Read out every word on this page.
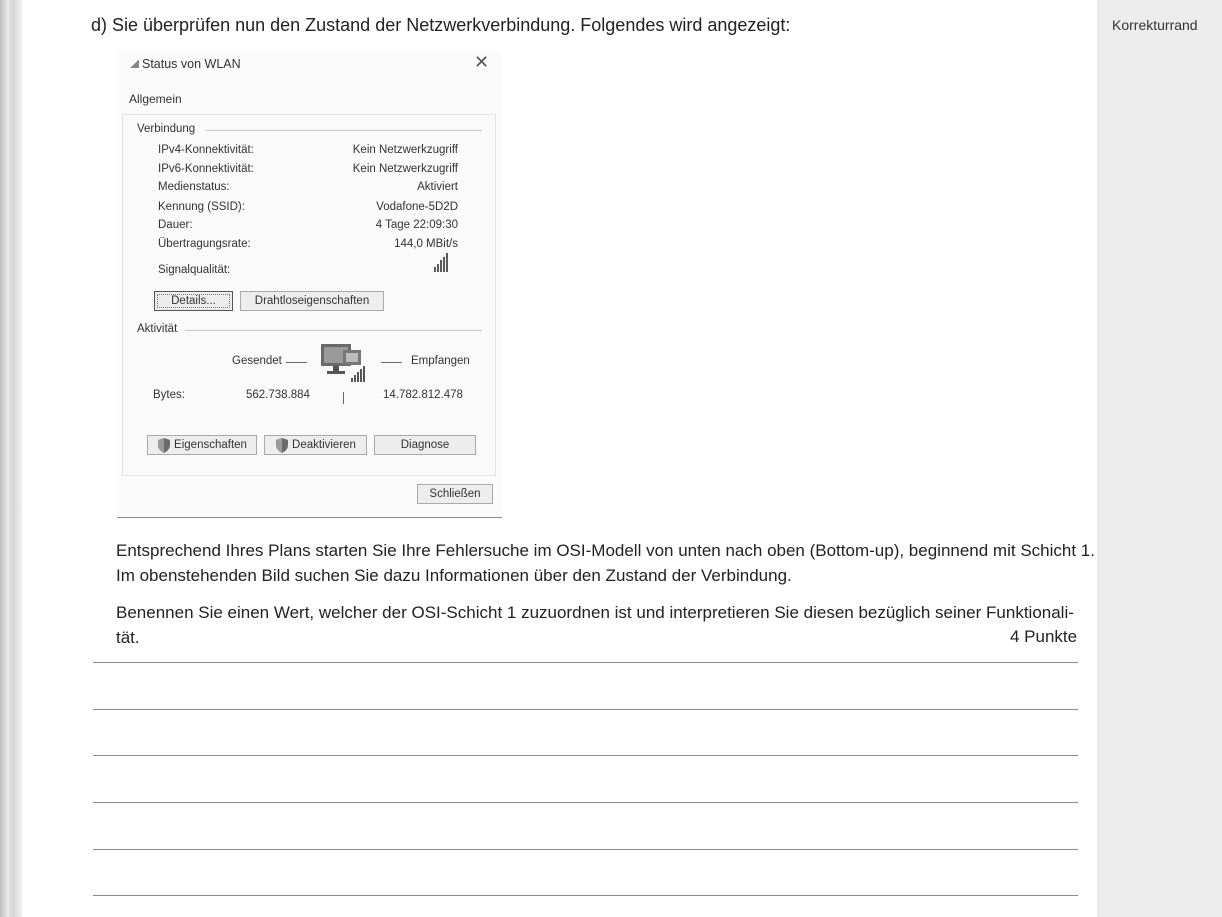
Korrekturrand
d) Sie überprüfen nun den Zustand der Netzwerkverbindung. Folgendes wird angezeigt:
Status von WLAN	✕
Allgemein
Verbindung
IPv4-Konnektivität:	Kein Netzwerkzugriff
IPv6-Konnektivität:	Kein Netzwerkzugriff
Medienstatus:	Aktiviert
Kennung (SSID):	Vodafone-5D2D
Dauer:	4 Tage 22:09:30
Übertragungsrate:	144,0 MBit/s
Signalqualität:
Details...	Drahtloseigenschaften
Aktivität
Gesendet	Empfangen
Bytes:	562.738.884	14.782.812.478
Eigenschaften	Deaktivieren	Diagnose
Schließen
Entsprechend Ihres Plans starten Sie Ihre Fehlersuche im OSI-Modell von unten nach oben (Bottom-up), beginnend mit Schicht 1.
Im obenstehenden Bild suchen Sie dazu Informationen über den Zustand der Verbindung.
Benennen Sie einen Wert, welcher der OSI-Schicht 1 zuzuordnen ist und interpretieren Sie diesen bezüglich seiner Funktionali-
tät.	4 Punkte
